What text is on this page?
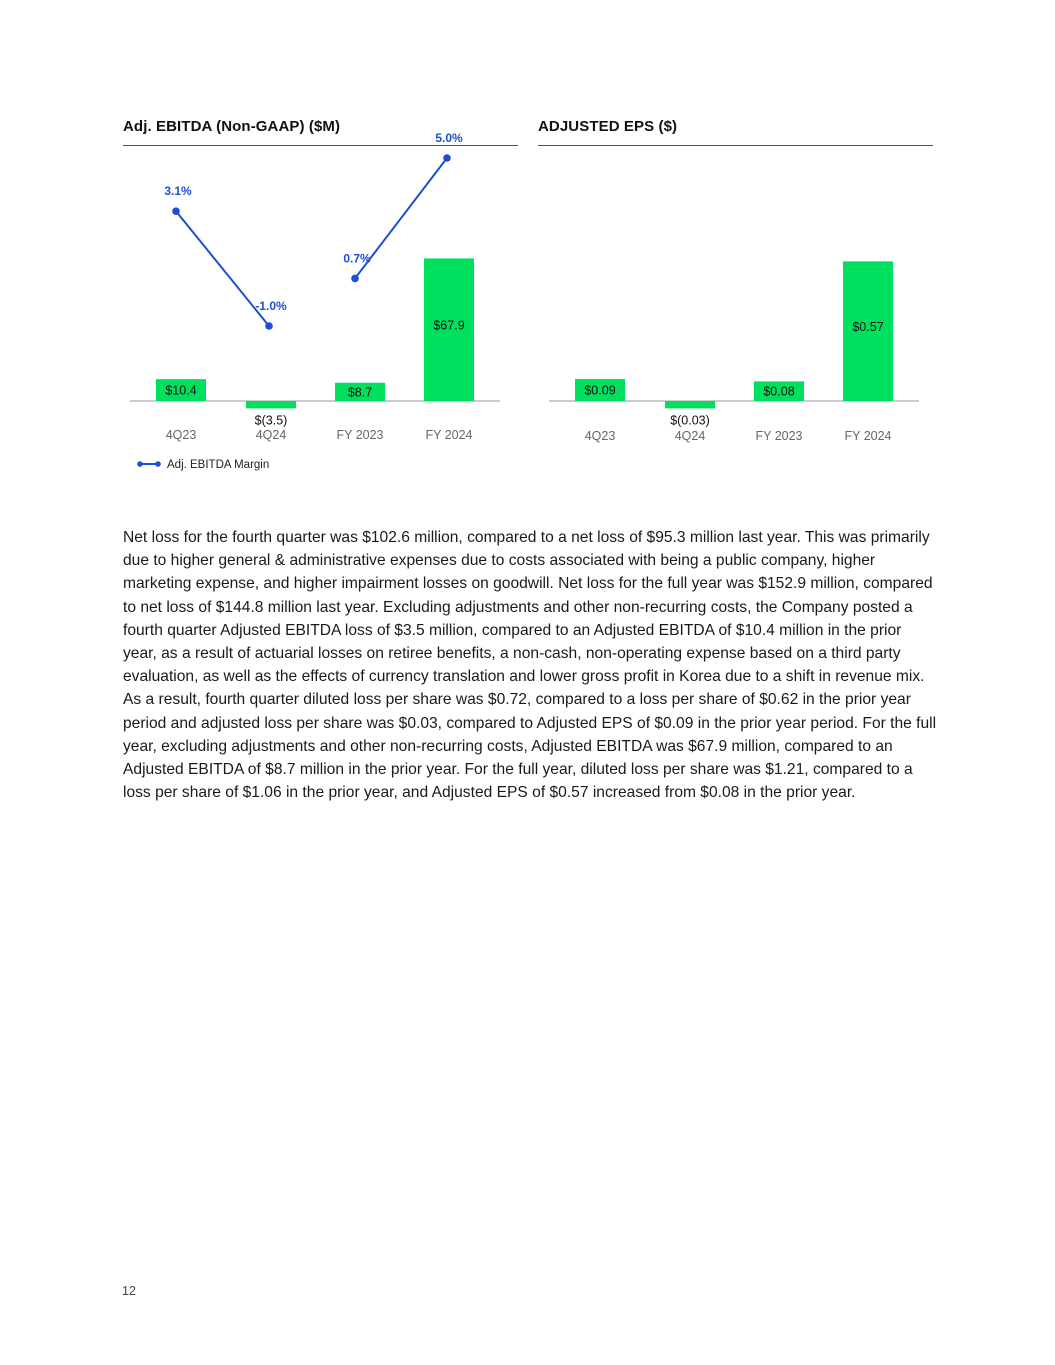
Adj. EBITDA (Non-GAAP) ($M)
$10.4
4Q23
$(3.5)
4Q24
$8.7
FY 2023
$67.9
FY 2024
3.1%
-1.0%
0.7%
5.0%
Adj. EBITDA Margin
ADJUSTED EPS ($)
$0.09
4Q23
$(0.03)
4Q24
$0.08
FY 2023
$0.57
FY 2024

Net loss for the fourth quarter was $102.6 million, compared to a net loss of $95.3 million last year. This was primarily due to higher general & administrative expenses due to costs associated with being a public company, higher marketing expense, and higher impairment losses on goodwill. Net loss for the full year was $152.9 million, compared to net loss of $144.8 million last year. Excluding adjustments and other non-recurring costs, the Company posted a fourth quarter Adjusted EBITDA loss of $3.5 million, compared to an Adjusted EBITDA of $10.4 million in the prior year, as a result of actuarial losses on retiree benefits, a non-cash, non-operating expense based on a third party evaluation, as well as the effects of currency translation and lower gross profit in Korea due to a shift in revenue mix. As a result, fourth quarter diluted loss per share was $0.72, compared to a loss per share of $0.62 in the prior year period and adjusted loss per share was $0.03, compared to Adjusted EPS of $0.09 in the prior year period. For the full year, excluding adjustments and other non-recurring costs, Adjusted EBITDA was $67.9 million, compared to an Adjusted EBITDA of $8.7 million in the prior year. For the full year, diluted loss per share was $1.21, compared to a loss per share of $1.06 in the prior year, and Adjusted EPS of $0.57 increased from $0.08 in the prior year.

12
